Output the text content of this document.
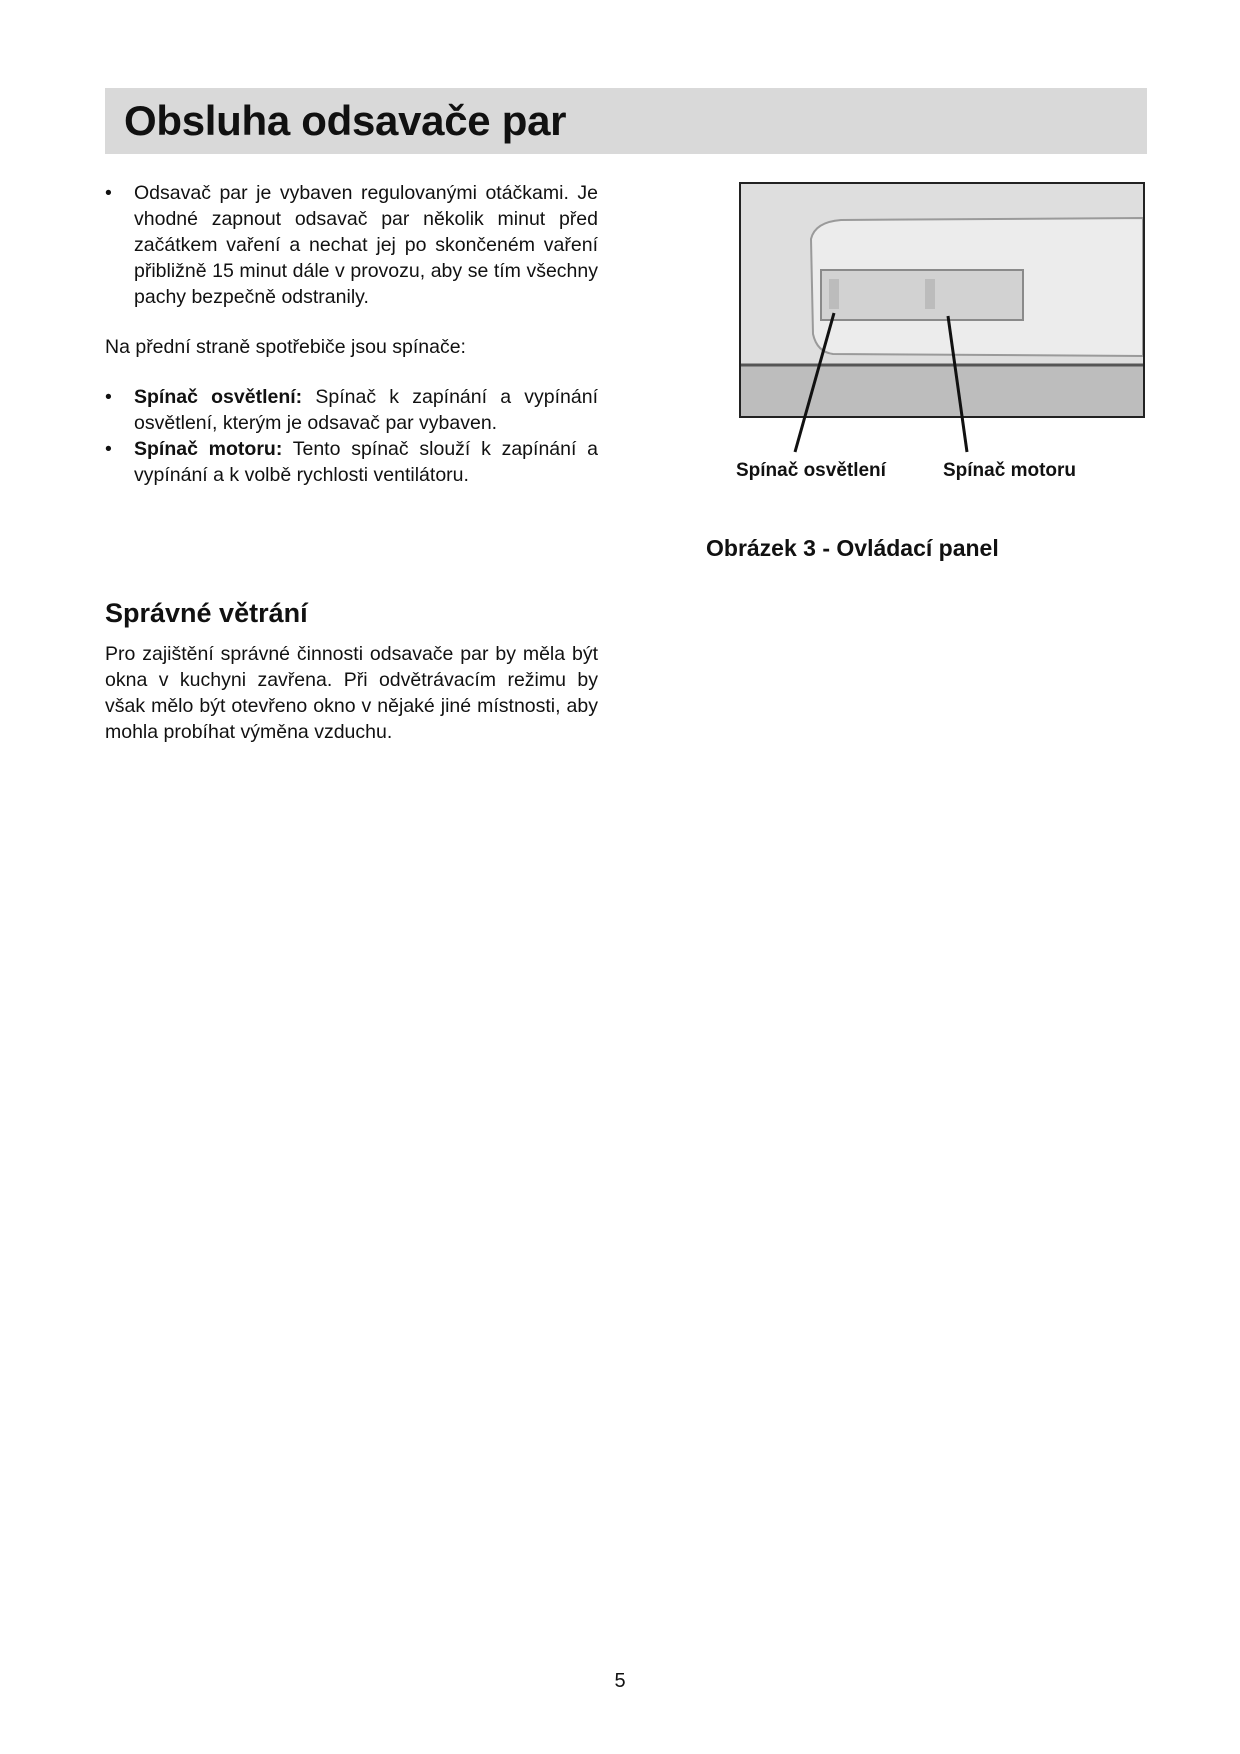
Obsluha odsavače par
• Odsavač par je vybaven regulovanými otáčkami. Je vhodné zapnout odsavač par několik minut před začátkem vaření a nechat jej po skončeném vaření přibližně 15 minut dále v provozu, aby se tím všechny pachy bezpečně odstranily.

Na přední straně spotřebiče jsou spínače:

• Spínač osvětlení: Spínač k zapínání a vypínání osvětlení, kterým je odsavač par vybaven.
• Spínač motoru: Tento spínač slouží k zapínání a vypínání a k volbě rychlosti ventilátoru.	Spínač osvětlení	Spínač motoru
Obrázek 3 - Ovládací panel
Správné větrání

Pro zajištění správné činnosti odsavače par by měla být okna v kuchyni zavřena. Při odvětrávacím režimu by však mělo být otevřeno okno v nějaké jiné místnosti, aby mohla probíhat výměna vzduchu.

5
